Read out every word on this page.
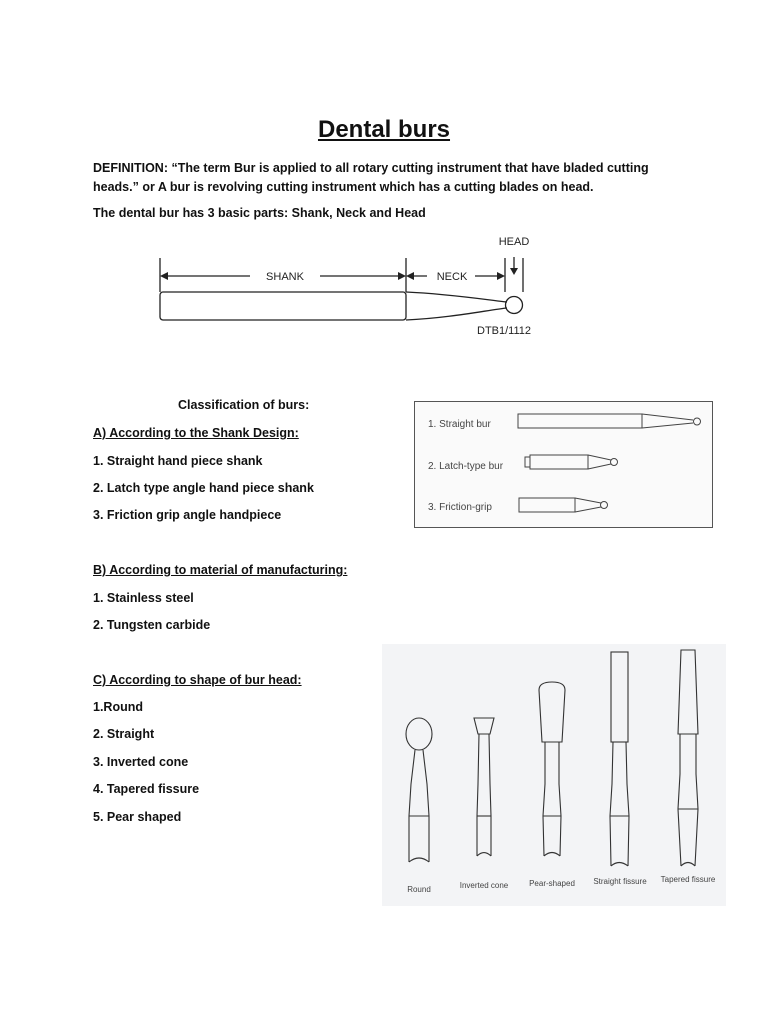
Dental burs

DEFINITION: “The term Bur is applied to all rotary cutting instrument that have bladed cutting heads.” or A bur is revolving cutting instrument which has a cutting blades on head.

The dental bur has 3 basic parts: Shank, Neck and Head

HEAD
SHANK	NECK
DTB1/1112

Classification of burs:

A) According to the Shank Design:

1. Straight hand piece shank

2. Latch type angle hand piece shank

3. Friction grip angle handpiece

1. Straight bur
2. Latch-type bur
3. Friction-grip

B) According to material of manufacturing:

1. Stainless steel

2. Tungsten carbide

C) According to shape of bur head:

1.Round

2. Straight

3. Inverted cone

4. Tapered fissure

5. Pear shaped

Round	Inverted cone	Pear-shaped Straight fissure Tapered fissure
